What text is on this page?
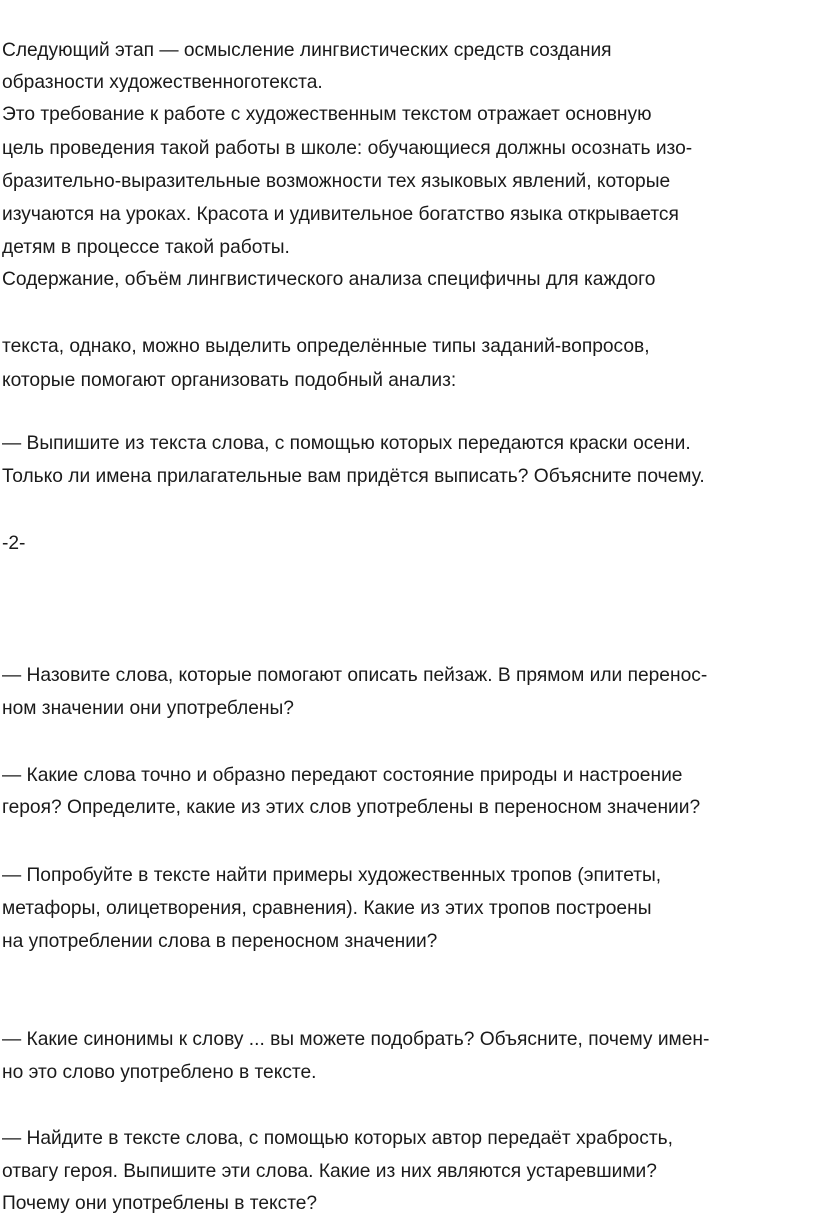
Следующий этап — осмысление лингвистических средств создания
образности художественноготекста.
Это требование к работе с художественным текстом отражает основную
цель проведения такой работы в школе: обучающиеся должны осознать изо-
бразительно-выразительные возможности тех языковых явлений, которые
изучаются на уроках. Красота и удивительное богатство языка открывается
детям в процессе такой работы.
Содержание, объём лингвистического анализа специфичны для каждого
текста, однако, можно выделить определённые типы заданий-вопросов,
которые помогают организовать подобный анализ:
— Выпишите из текста слова, с помощью которых передаются краски осени.
Только ли имена прилагательные вам придётся выписать? Объясните почему.
-2-
— Назовите слова, которые помогают описать пейзаж. В прямом или перенос-
ном значении они употреблены?
— Какие слова точно и образно передают состояние природы и настроение
героя? Определите, какие из этих слов употреблены в переносном значении?
— Попробуйте в тексте найти примеры художественных тропов (эпитеты,
метафоры, олицетворения, сравнения). Какие из этих тропов построены
на употреблении слова в переносном значении?
— Какие синонимы к слову ... вы можете подобрать? Объясните, почему имен-
но это слово употреблено в тексте.
— Найдите в тексте слова, с помощью которых автор передаёт храбрость,
отвагу героя. Выпишите эти слова. Какие из них являются устаревшими?
Почему они употреблены в тексте?
